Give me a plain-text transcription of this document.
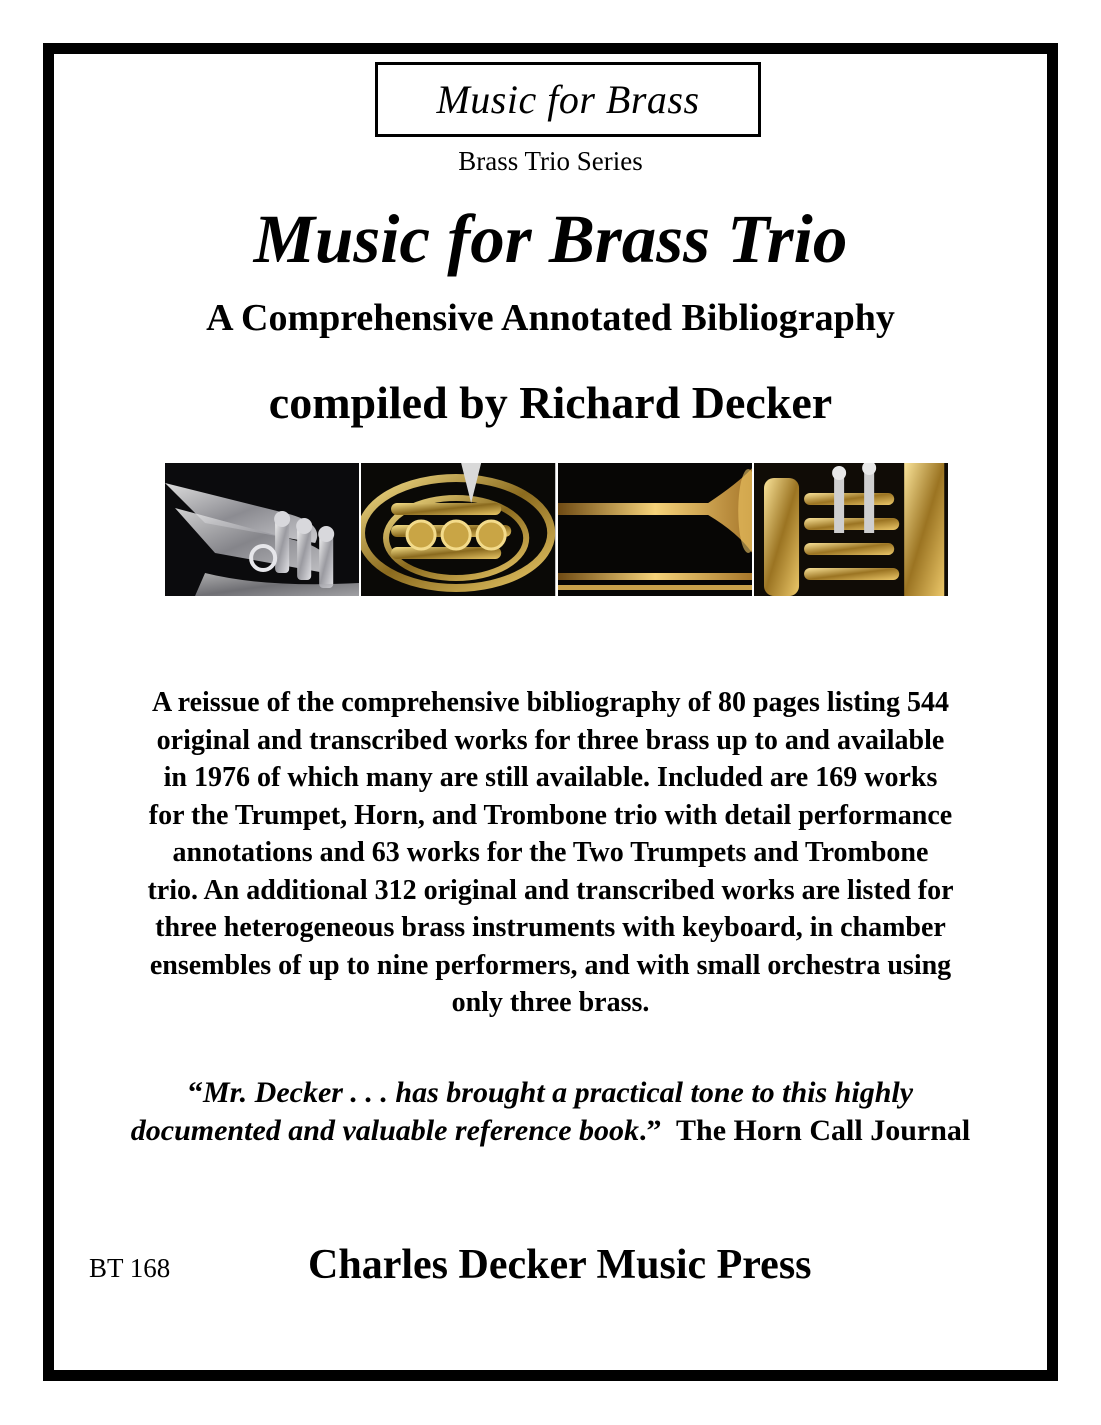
Music for Brass
Brass Trio Series
Music for Brass Trio
A Comprehensive Annotated Bibliography
compiled by Richard Decker
A reissue of the comprehensive bibliography of 80 pages listing 544
original and transcribed works for three brass up to and available
in 1976 of which many are still available. Included are 169 works
for the Trumpet, Horn, and Trombone trio with detail performance
annotations and 63 works for the Two Trumpets and Trombone
trio. An additional 312 original and transcribed works are listed for
three heterogeneous brass instruments with keyboard, in chamber
ensembles of up to nine performers, and with small orchestra using
only three brass.
“Mr. Decker . . . has brought a practical tone to this highly
documented and valuable reference book.” The Horn Call Journal
BT 168	Charles Decker Music Press
